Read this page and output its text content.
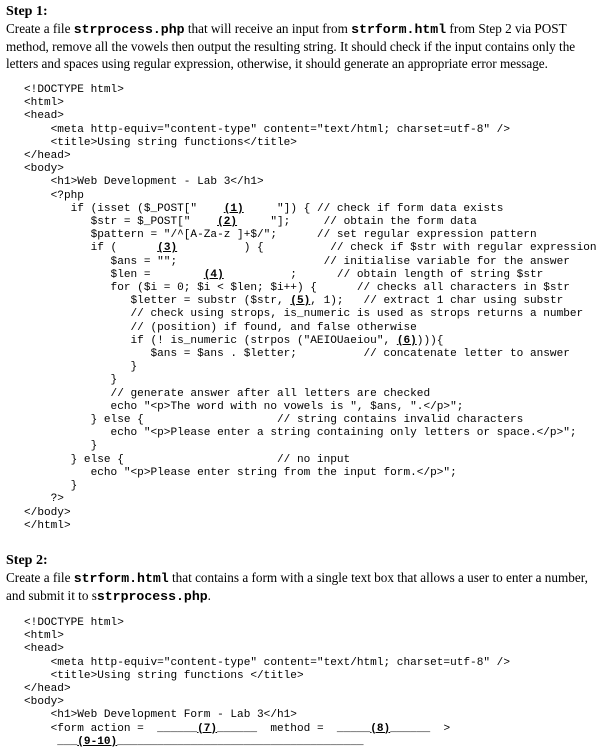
Step 1:

Create a file strprocess.php that will receive an input from strform.html from Step 2 via POST method, remove all the vowels then output the resulting string. It should check if the input contains only the letters and spaces using regular expression, otherwise, it should generate an appropriate error message.

<!DOCTYPE html>
<html>
<head>
<meta http-equiv="content-type" content="text/html; charset=utf-8" />
<title>Using string functions</title>
</head>
<body>
<h1>Web Development - Lab 3</h1>
<?php
if (isset ($_POST["    (1)     "]) { // check if form data exists
$str = $_POST["    (2)     "];     // obtain the form data
$pattern = "/^[A-Za-z ]+$/";      // set regular expression pattern
if (      (3)          ) {          // check if $str with regular expression
$ans = "";                      // initialise variable for the answer
$len =        (4)          ;      // obtain length of string $str
for ($i = 0; $i < $len; $i++) {      // checks all characters in $str
$letter = substr ($str, (5), 1);   // extract 1 char using substr
// check using strops, is_numeric is used as strops returns a number
// (position) if found, and false otherwise
if (! is_numeric (strpos ("AEIOUaeiou", (6)))){
$ans = $ans . $letter;          // concatenate letter to answer
}
}
// generate answer after all letters are checked
echo "<p>The word with no vowels is ", $ans, ".</p>";
} else {                    // string contains invalid characters
echo "<p>Please enter a string containing only letters or space.</p>";
}
} else {                       // no input
echo "<p>Please enter string from the input form.</p>";
}
?>
</body>
</html>

Step 2:

Create a file strform.html that contains a form with a single text box that allows a user to enter a number, and submit it to sstrprocess.php.

<!DOCTYPE html>
<html>
<head>
<meta http-equiv="content-type" content="text/html; charset=utf-8" />
<title>Using string functions </title>
</head>
<body>
<h1>Web Development Form - Lab 3</h1>
<form action =  ______(7)______  method =  _____(8)______  >
___(9-10)_____________________________________
